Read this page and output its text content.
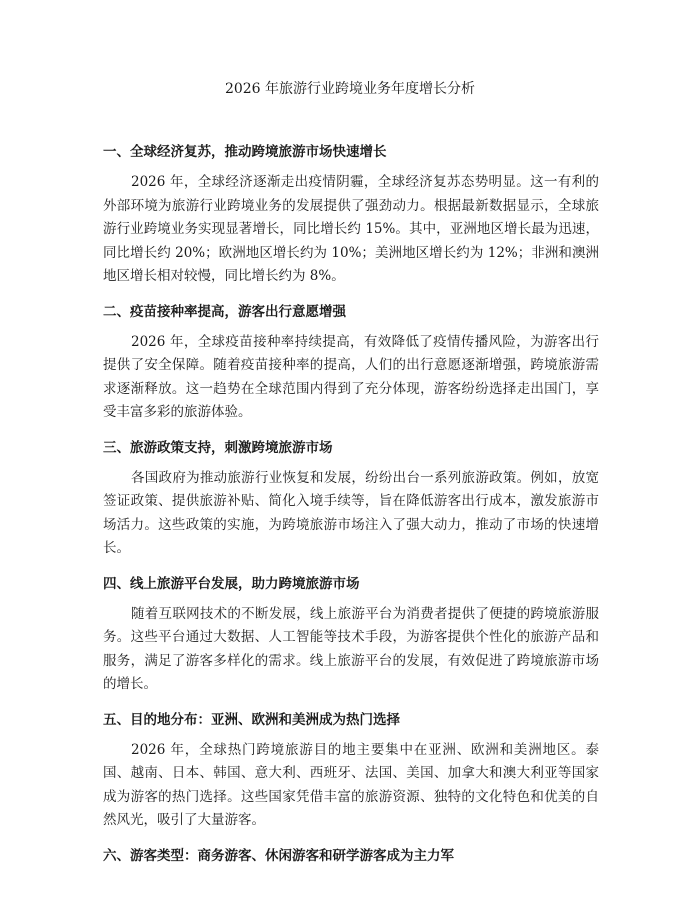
2026 年旅游行业跨境业务年度增长分析
一、全球经济复苏，推动跨境旅游市场快速增长

2026 年，全球经济逐渐走出疫情阴霾，全球经济复苏态势明显。这一有利的外部环境为旅游行业跨境业务的发展提供了强劲动力。根据最新数据显示，全球旅游行业跨境业务实现显著增长，同比增长约 15%。其中，亚洲地区增长最为迅速，同比增长约 20%；欧洲地区增长约为 10%；美洲地区增长约为 12%；非洲和澳洲地区增长相对较慢，同比增长约为 8%。

二、疫苗接种率提高，游客出行意愿增强

2026 年，全球疫苗接种率持续提高，有效降低了疫情传播风险，为游客出行提供了安全保障。随着疫苗接种率的提高，人们的出行意愿逐渐增强，跨境旅游需求逐渐释放。这一趋势在全球范围内得到了充分体现，游客纷纷选择走出国门，享受丰富多彩的旅游体验。

三、旅游政策支持，刺激跨境旅游市场

各国政府为推动旅游行业恢复和发展，纷纷出台一系列旅游政策。例如，放宽签证政策、提供旅游补贴、简化入境手续等，旨在降低游客出行成本，激发旅游市场活力。这些政策的实施，为跨境旅游市场注入了强大动力，推动了市场的快速增长。

四、线上旅游平台发展，助力跨境旅游市场

随着互联网技术的不断发展，线上旅游平台为消费者提供了便捷的跨境旅游服务。这些平台通过大数据、人工智能等技术手段，为游客提供个性化的旅游产品和服务，满足了游客多样化的需求。线上旅游平台的发展，有效促进了跨境旅游市场的增长。

五、目的地分布：亚洲、欧洲和美洲成为热门选择

2026 年，全球热门跨境旅游目的地主要集中在亚洲、欧洲和美洲地区。泰国、越南、日本、韩国、意大利、西班牙、法国、美国、加拿大和澳大利亚等国家成为游客的热门选择。这些国家凭借丰富的旅游资源、独特的文化特色和优美的自然风光，吸引了大量游客。

六、游客类型：商务游客、休闲游客和研学游客成为主力军
